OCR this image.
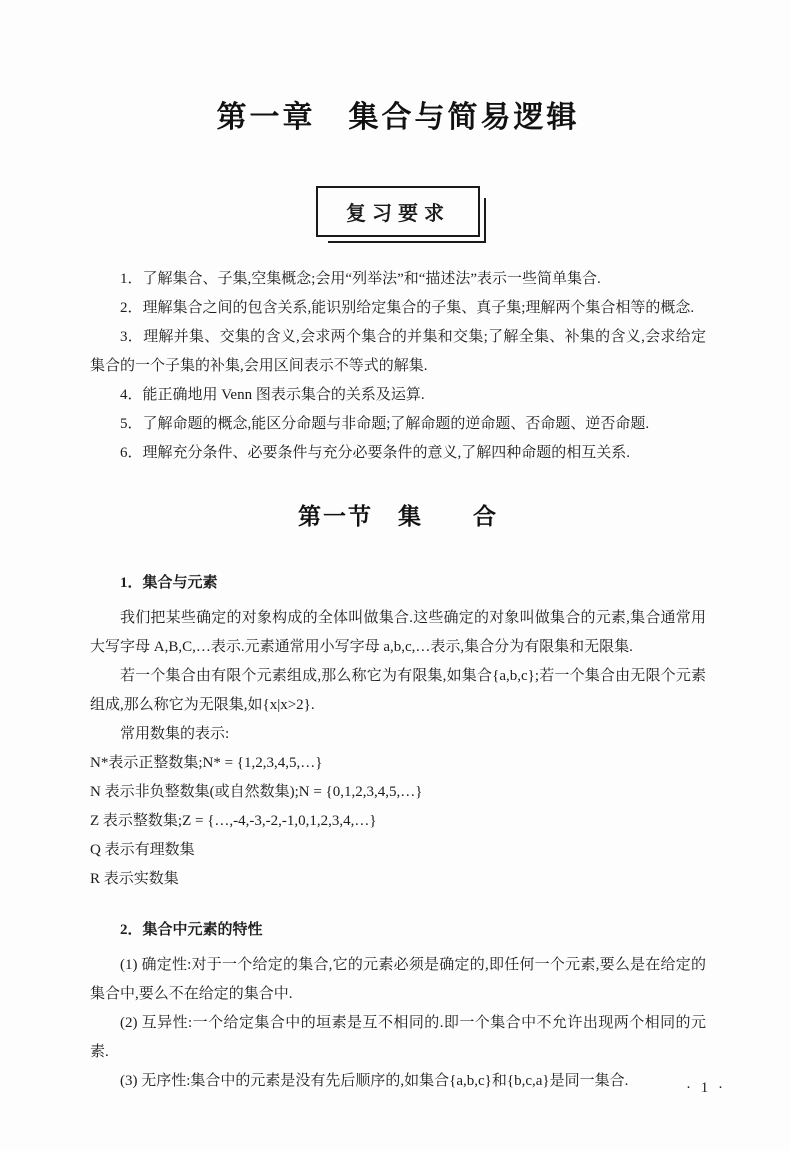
第一章　集合与简易逻辑
复习要求

1．了解集合、子集,空集概念;会用“列举法”和“描述法”表示一些简单集合.

2．理解集合之间的包含关系,能识别给定集合的子集、真子集;理解两个集合相等的概念.

3．理解并集、交集的含义,会求两个集合的并集和交集;了解全集、补集的含义,会求给定集合的一个子集的补集,会用区间表示不等式的解集.

4．能正确地用 Venn 图表示集合的关系及运算.

5．了解命题的概念,能区分命题与非命题;了解命题的逆命题、否命题、逆否命题.

6．理解充分条件、必要条件与充分必要条件的意义,了解四种命题的相互关系.

第一节　集　　合

1．集合与元素

我们把某些确定的对象构成的全体叫做集合.这些确定的对象叫做集合的元素,集合通常用大写字母 A,B,C,…表示.元素通常用小写字母 a,b,c,…表示,集合分为有限集和无限集.

若一个集合由有限个元素组成,那么称它为有限集,如集合{a,b,c};若一个集合由无限个元素组成,那么称它为无限集,如{x|x>2}.

常用数集的表示:

N*表示正整数集;N* = {1,2,3,4,5,…}

N 表示非负整数集(或自然数集);N = {0,1,2,3,4,5,…}

Z 表示整数集;Z = {…,-4,-3,-2,-1,0,1,2,3,4,…}

Q 表示有理数集

R 表示实数集

2．集合中元素的特性

(1) 确定性:对于一个给定的集合,它的元素必须是确定的,即任何一个元素,要么是在给定的集合中,要么不在给定的集合中.

(2) 互异性:一个给定集合中的垣素是互不相同的.即一个集合中不允许出现两个相同的元素.

(3) 无序性:集合中的元素是没有先后顺序的,如集合{a,b,c}和{b,c,a}是同一集合.	· 1 ·
